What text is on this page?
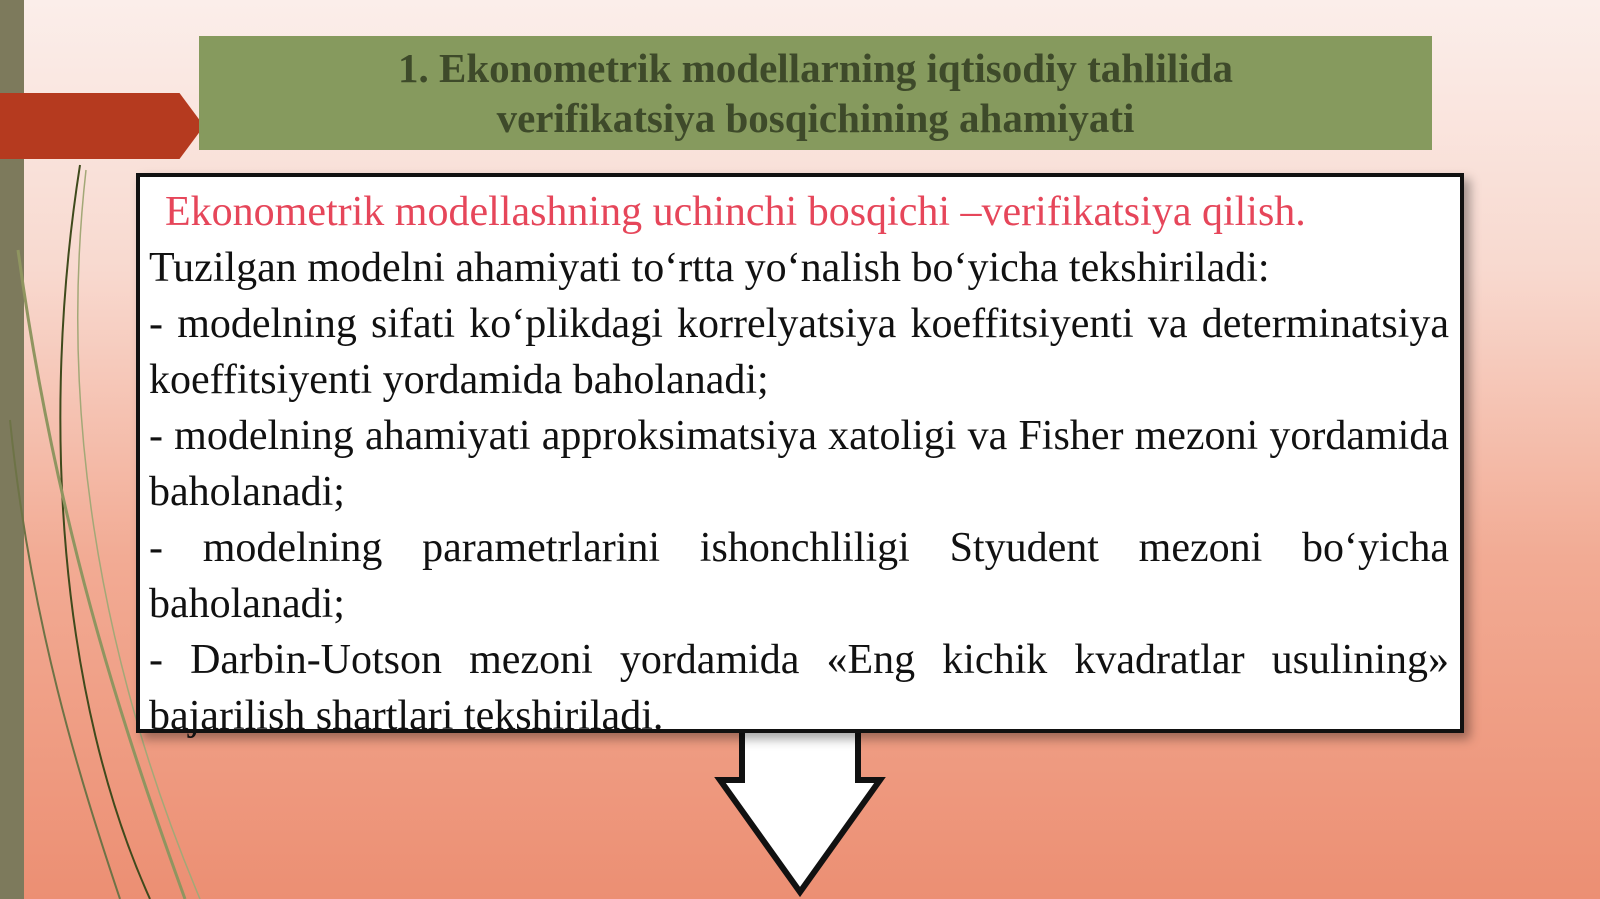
1. Ekonometrik modellarning iqtisodiy tahlilida
verifikatsiya bosqichining ahamiyati

Ekonometrik modellashning uchinchi bosqichi –verifikatsiya qilish.

Tuzilgan modelni ahamiyati to‘rtta yo‘nalish bo‘yicha tekshiriladi:

- modelning sifati ko‘plikdagi korrelyatsiya koeffitsiyenti va determinatsiya koeffitsiyenti yordamida baholanadi;

- modelning ahamiyati approksimatsiya xatoligi va Fisher mezoni yordamida baholanadi;

- modelning parametrlarini ishonchliligi Styudent mezoni bo‘yicha baholanadi;

- Darbin-Uotson mezoni yordamida «Eng kichik kvadratlar usulining» bajarilish shartlari tekshiriladi.
